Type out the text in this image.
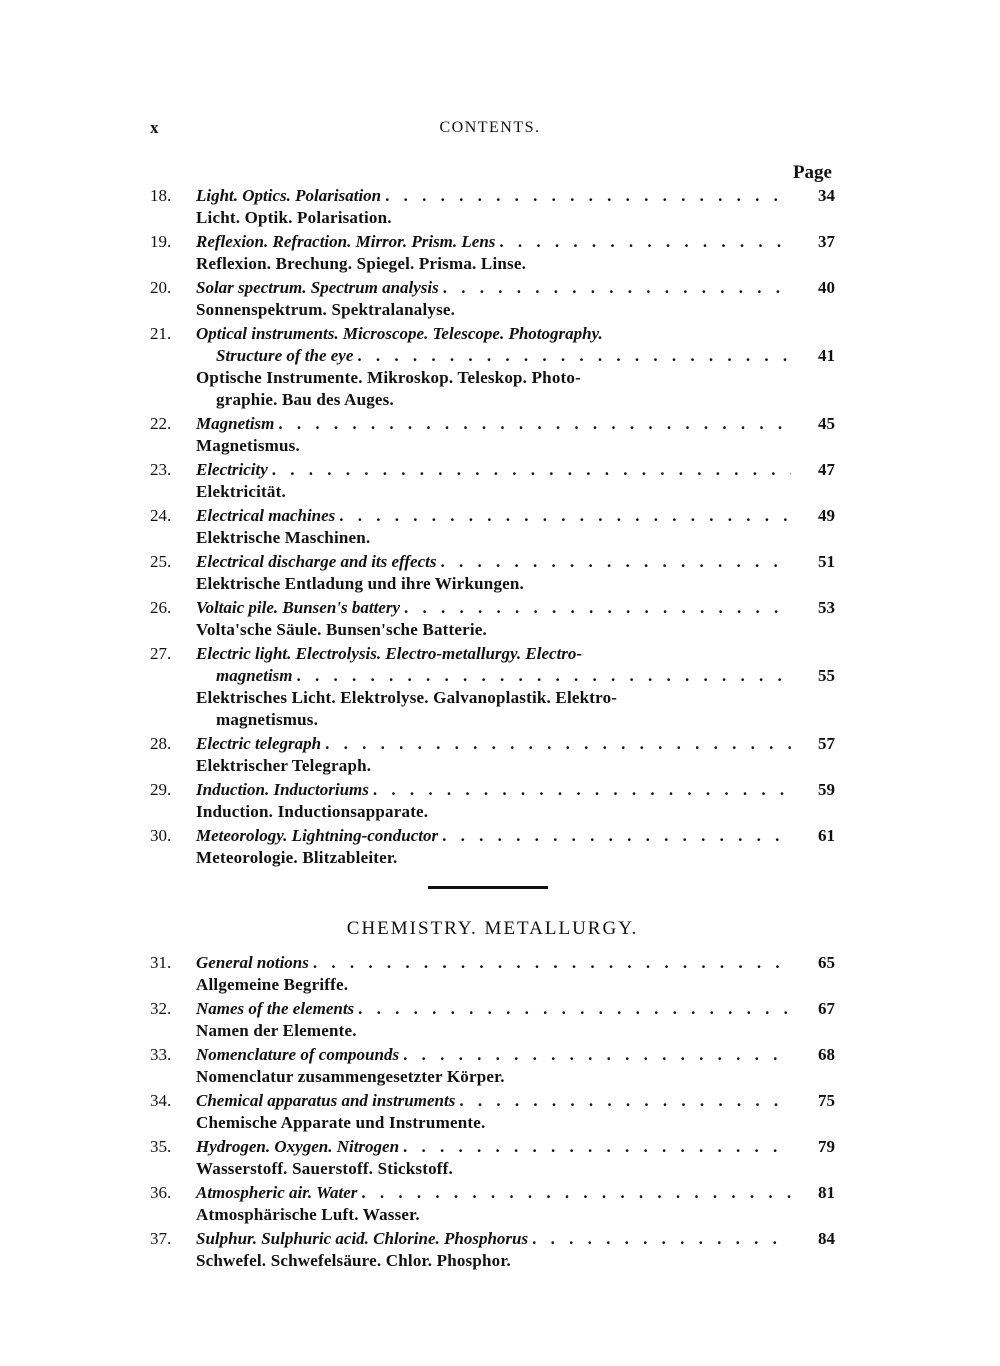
x	CONTENTS.
Page
18.	Light. Optics. Polarisation . . .	34
Licht. Optik. Polarisation.
19.	Reflexion. Refraction. Mirror. Prism. Lens . . .	37
Reflexion. Brechung. Spiegel. Prisma. Linse.
20.	Solar spectrum. Spectrum analysis . . .	40
Sonnenspektrum. Spektralanalyse.
21.	Optical instruments. Microscope. Telescope. Photography.
Structure of the eye . . .	41
Optische Instrumente. Mikroskop. Teleskop. Photo-
graphie. Bau des Auges.
22.	Magnetism . . .	45
Magnetismus.
23.	Electricity . . .	47
Elektricität.
24.	Electrical machines . . .	49
Elektrische Maschinen.
25.	Electrical discharge and its effects . . .	51
Elektrische Entladung und ihre Wirkungen.
26.	Voltaic pile. Bunsen's battery . . .	53
Volta'sche Säule. Bunsen'sche Batterie.
27.	Electric light. Electrolysis. Electro-metallurgy. Electro-
magnetism . . .	55
Elektrisches Licht. Elektrolyse. Galvanoplastik. Elektro-
magnetismus.
28.	Electric telegraph . . .	57
Elektrischer Telegraph.
29.	Induction. Inductoriums . . .	59
Induction. Inductionsapparate.
30.	Meteorology. Lightning-conductor . . .	61
Meteorologie. Blitzableiter.
CHEMISTRY. METALLURGY.
31.	General notions . . .	65
Allgemeine Begriffe.
32.	Names of the elements . . .	67
Namen der Elemente.
33.	Nomenclature of compounds . . .	68
Nomenclatur zusammengesetzter Körper.
34.	Chemical apparatus and instruments . . .	75
Chemische Apparate und Instrumente.
35.	Hydrogen. Oxygen. Nitrogen . . .	79
Wasserstoff. Sauerstoff. Stickstoff.
36.	Atmospheric air. Water . . .	81
Atmosphärische Luft. Wasser.
37.	Sulphur. Sulphuric acid. Chlorine. Phosphorus . . .	84
Schwefel. Schwefelsäure. Chlor. Phosphor.
